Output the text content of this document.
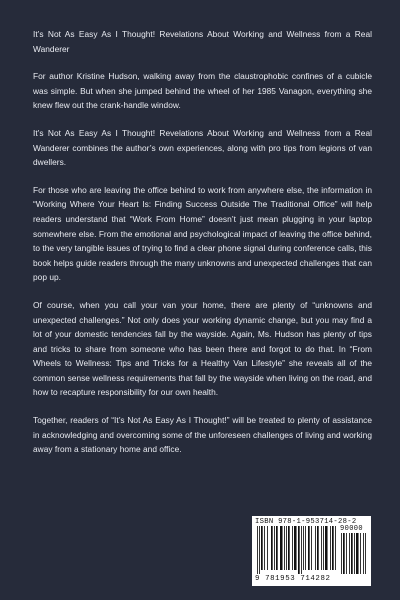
It’s Not As Easy As I Thought! Revelations About Working and Wellness from a Real Wanderer

For author Kristine Hudson, walking away from the claustrophobic confines of a cubicle was simple. But when she jumped behind the wheel of her 1985 Vanagon, everything she knew flew out the crank-handle window.

It’s Not As Easy As I Thought! Revelations About Working and Wellness from a Real Wanderer combines the author’s own experiences, along with pro tips from legions of van dwellers.

For those who are leaving the office behind to work from anywhere else, the information in “Working Where Your Heart Is: Finding Success Outside The Traditional Office” will help readers understand that “Work From Home” doesn’t just mean plugging in your laptop somewhere else. From the emotional and psychological impact of leaving the office behind, to the very tangible issues of trying to find a clear phone signal during conference calls, this book helps guide readers through the many unknowns and unexpected challenges that can pop up.

Of course, when you call your van your home, there are plenty of “unknowns and unexpected challenges.” Not only does your working dynamic change, but you may find a lot of your domestic tendencies fall by the wayside. Again, Ms. Hudson has plenty of tips and tricks to share from someone who has been there and forgot to do that. In “From Wheels to Wellness: Tips and Tricks for a Healthy Van Lifestyle” she reveals all of the common sense wellness requirements that fall by the wayside when living on the road, and how to recapture responsibility for our own health.

Together, readers of “It’s Not As Easy As I Thought!” will be treated to plenty of assistance in acknowledging and overcoming some of the unforeseen challenges of living and working away from a stationary home and office.

ISBN 978-1-953714-28-2
90000
9 781953 714282
